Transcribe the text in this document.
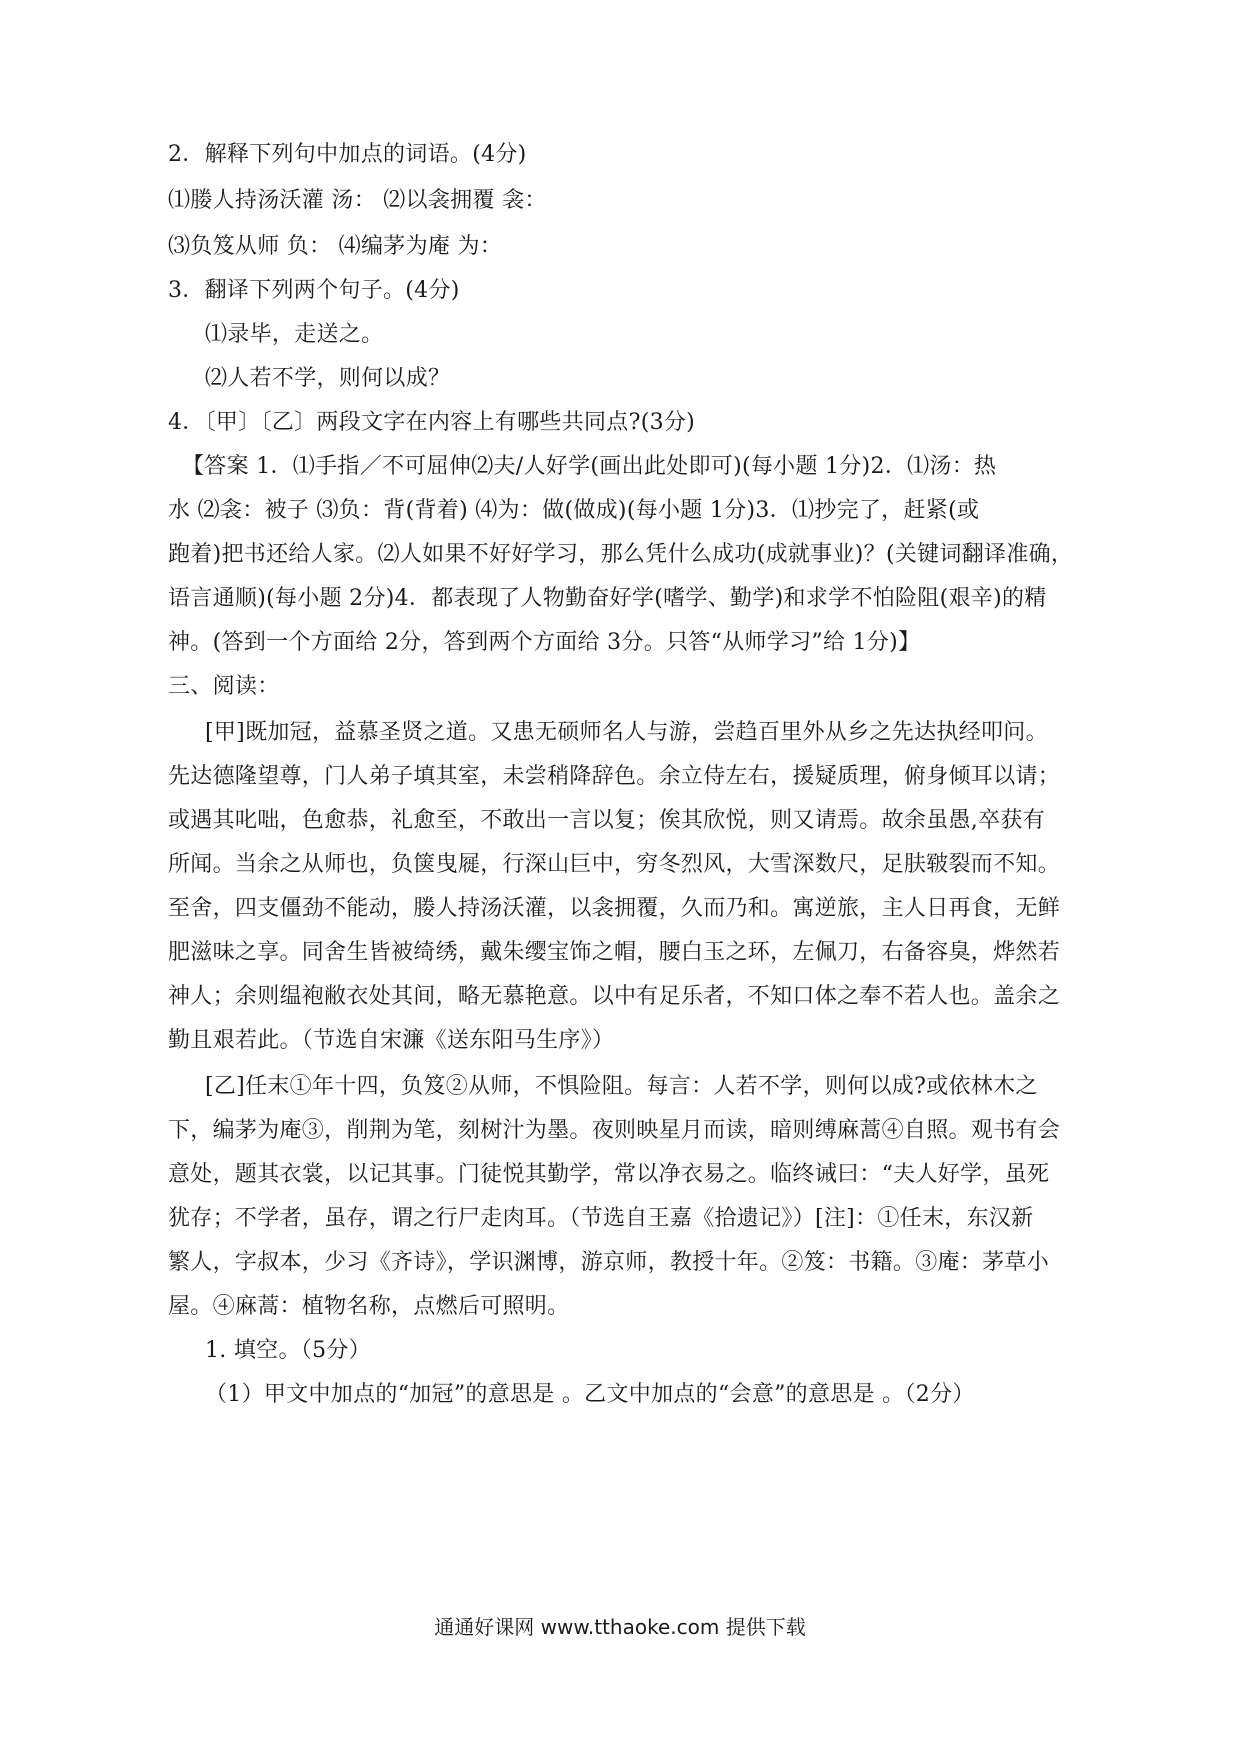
2．解释下列句中加点的词语。(4分)
⑴媵人持汤沃灌 汤： ⑵以衾拥覆 衾：
⑶负笈从师 负： ⑷编茅为庵 为：
3．翻译下列两个句子。(4分)
⑴录毕，走送之。
⑵人若不学，则何以成？
4．〔甲〕〔乙〕两段文字在内容上有哪些共同点?(3分)
【答案 1．⑴手指／不可屈伸⑵夫/人好学(画出此处即可)(每小题 1分)2．⑴汤：热
水 ⑵衾：被子 ⑶负：背(背着) ⑷为：做(做成)(每小题 1分)3．⑴抄完了，赶紧(或
跑着)把书还给人家。⑵人如果不好好学习，那么凭什么成功(成就事业)？(关键词翻译准确，
语言通顺)(每小题 2分)4．都表现了人物勤奋好学(嗜学、勤学)和求学不怕险阻(艰辛)的精
神。(答到一个方面给 2分，答到两个方面给 3分。只答“从师学习”给 1分)】
三、阅读：
[甲]既加冠，益慕圣贤之道。又患无硕师名人与游，尝趋百里外从乡之先达执经叩问。
先达德隆望尊，门人弟子填其室，未尝稍降辞色。余立侍左右，援疑质理，俯身倾耳以请；
或遇其叱咄，色愈恭，礼愈至，不敢出一言以复；俟其欣悦，则又请焉。故余虽愚,卒获有
所闻。当余之从师也，负箧曳屣，行深山巨中，穷冬烈风，大雪深数尺，足肤皲裂而不知。
至舍，四支僵劲不能动，媵人持汤沃灌，以衾拥覆，久而乃和。寓逆旅，主人日再食，无鲜
肥滋味之享。同舍生皆被绮绣，戴朱缨宝饰之帽，腰白玉之环，左佩刀，右备容臭，烨然若
神人；余则缊袍敝衣处其间，略无慕艳意。以中有足乐者，不知口体之奉不若人也。盖余之
勤且艰若此。（节选自宋濂《送东阳马生序》）
[乙]任末①年十四，负笈②从师，不惧险阻。每言：人若不学，则何以成?或依林木之
下，编茅为庵③，削荆为笔，刻树汁为墨。夜则映星月而读，暗则缚麻蒿④自照。观书有会
意处，题其衣裳，以记其事。门徒悦其勤学，常以净衣易之。临终诫曰：“夫人好学，虽死
犹存；不学者，虽存，谓之行尸走肉耳。（节选自王嘉《拾遗记》）[注]：①任末，东汉新
繁人，字叔本，少习《齐诗》，学识渊博，游京师，教授十年。②笈：书籍。③庵：茅草小
屋。④麻蒿：植物名称，点燃后可照明。
1. 填空。（5分）
（1）甲文中加点的“加冠”的意思是 。乙文中加点的“会意”的意思是 。（2分）
通通好课网 www.tthaoke.com 提供下载
